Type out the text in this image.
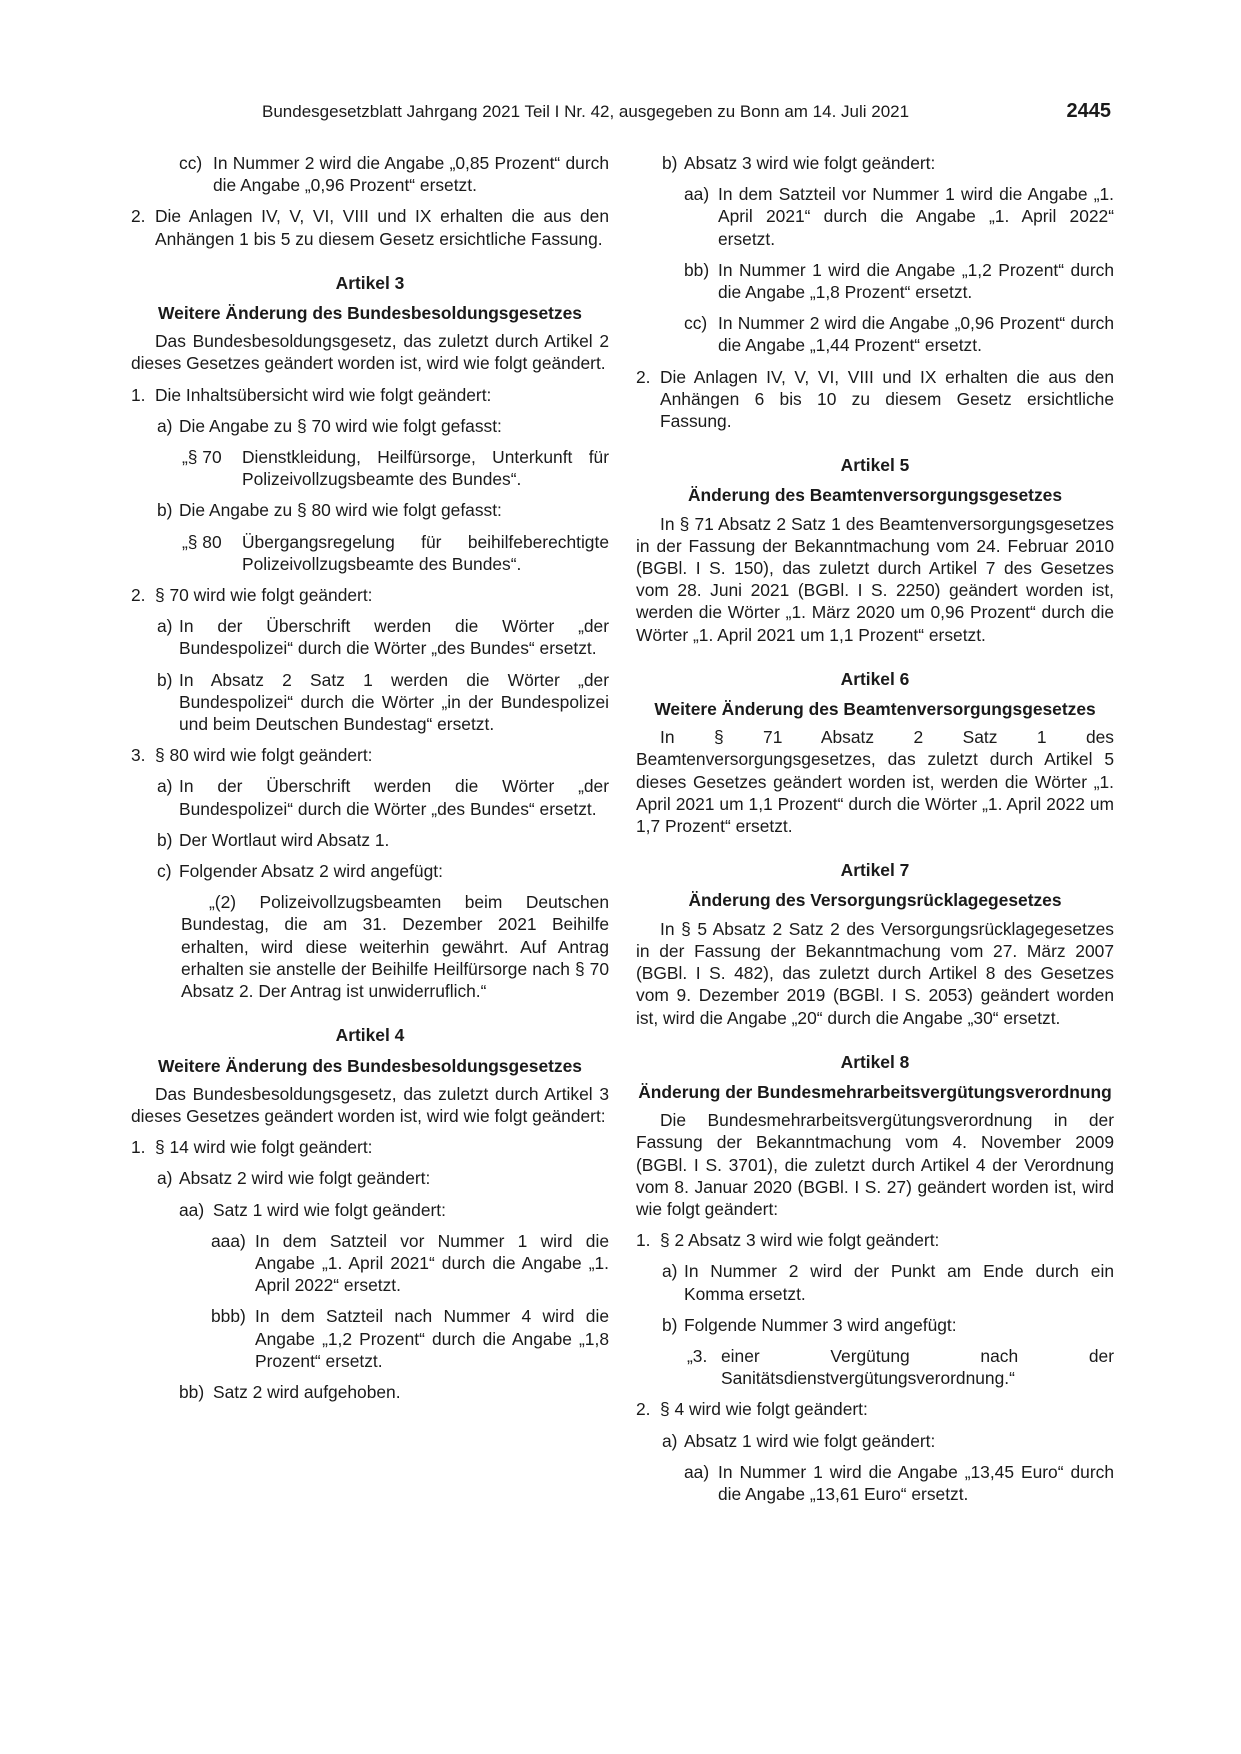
Bundesgesetzblatt Jahrgang 2021 Teil I Nr. 42, ausgegeben zu Bonn am 14. Juli 2021	2445
cc) In Nummer 2 wird die Angabe „0,85 Prozent“ durch die Angabe „0,96 Prozent“ ersetzt.
2. Die Anlagen IV, V, VI, VIII und IX erhalten die aus den Anhängen 1 bis 5 zu diesem Gesetz ersichtliche Fassung.
Artikel 3
Weitere Änderung des Bundesbesoldungsgesetzes
Das Bundesbesoldungsgesetz, das zuletzt durch Artikel 2 dieses Gesetzes geändert worden ist, wird wie folgt geändert.
1. Die Inhaltsübersicht wird wie folgt geändert:
a) Die Angabe zu § 70 wird wie folgt gefasst:
„§ 70	Dienstkleidung, Heilfürsorge, Unterkunft für Polizeivollzugsbeamte des Bundes“.
b) Die Angabe zu § 80 wird wie folgt gefasst:
„§ 80	Übergangsregelung für beihilfeberechtigte Polizeivollzugsbeamte des Bundes“.
2. § 70 wird wie folgt geändert:
a) In der Überschrift werden die Wörter „der Bundespolizei“ durch die Wörter „des Bundes“ ersetzt.
b) In Absatz 2 Satz 1 werden die Wörter „der Bundespolizei“ durch die Wörter „in der Bundespolizei und beim Deutschen Bundestag“ ersetzt.
3. § 80 wird wie folgt geändert:
a) In der Überschrift werden die Wörter „der Bundespolizei“ durch die Wörter „des Bundes“ ersetzt.
b) Der Wortlaut wird Absatz 1.
c) Folgender Absatz 2 wird angefügt:
„(2) Polizeivollzugsbeamten beim Deutschen Bundestag, die am 31. Dezember 2021 Beihilfe erhalten, wird diese weiterhin gewährt. Auf Antrag erhalten sie anstelle der Beihilfe Heilfürsorge nach § 70 Absatz 2. Der Antrag ist unwiderruflich.“
Artikel 4
Weitere Änderung des Bundesbesoldungsgesetzes
Das Bundesbesoldungsgesetz, das zuletzt durch Artikel 3 dieses Gesetzes geändert worden ist, wird wie folgt geändert:
1. § 14 wird wie folgt geändert:
a) Absatz 2 wird wie folgt geändert:
aa) Satz 1 wird wie folgt geändert:
aaa) In dem Satzteil vor Nummer 1 wird die Angabe „1. April 2021“ durch die Angabe „1. April 2022“ ersetzt.
bbb) In dem Satzteil nach Nummer 4 wird die Angabe „1,2 Prozent“ durch die Angabe „1,8 Prozent“ ersetzt.
bb) Satz 2 wird aufgehoben.
b) Absatz 3 wird wie folgt geändert:
aa) In dem Satzteil vor Nummer 1 wird die Angabe „1. April 2021“ durch die Angabe „1. April 2022“ ersetzt.
bb) In Nummer 1 wird die Angabe „1,2 Prozent“ durch die Angabe „1,8 Prozent“ ersetzt.
cc) In Nummer 2 wird die Angabe „0,96 Prozent“ durch die Angabe „1,44 Prozent“ ersetzt.
2. Die Anlagen IV, V, VI, VIII und IX erhalten die aus den Anhängen 6 bis 10 zu diesem Gesetz ersichtliche Fassung.
Artikel 5
Änderung des Beamtenversorgungsgesetzes
In § 71 Absatz 2 Satz 1 des Beamtenversorgungsgesetzes in der Fassung der Bekanntmachung vom 24. Februar 2010 (BGBl. I S. 150), das zuletzt durch Artikel 7 des Gesetzes vom 28. Juni 2021 (BGBl. I S. 2250) geändert worden ist, werden die Wörter „1. März 2020 um 0,96 Prozent“ durch die Wörter „1. April 2021 um 1,1 Prozent“ ersetzt.
Artikel 6
Weitere Änderung des Beamtenversorgungsgesetzes
In § 71 Absatz 2 Satz 1 des Beamtenversorgungsgesetzes, das zuletzt durch Artikel 5 dieses Gesetzes geändert worden ist, werden die Wörter „1. April 2021 um 1,1 Prozent“ durch die Wörter „1. April 2022 um 1,7 Prozent“ ersetzt.
Artikel 7
Änderung des Versorgungsrücklagegesetzes
In § 5 Absatz 2 Satz 2 des Versorgungsrücklagegesetzes in der Fassung der Bekanntmachung vom 27. März 2007 (BGBl. I S. 482), das zuletzt durch Artikel 8 des Gesetzes vom 9. Dezember 2019 (BGBl. I S. 2053) geändert worden ist, wird die Angabe „20“ durch die Angabe „30“ ersetzt.
Artikel 8
Änderung der Bundesmehrarbeitsvergütungsverordnung
Die Bundesmehrarbeitsvergütungsverordnung in der Fassung der Bekanntmachung vom 4. November 2009 (BGBl. I S. 3701), die zuletzt durch Artikel 4 der Verordnung vom 8. Januar 2020 (BGBl. I S. 27) geändert worden ist, wird wie folgt geändert:
1. § 2 Absatz 3 wird wie folgt geändert:
a) In Nummer 2 wird der Punkt am Ende durch ein Komma ersetzt.
b) Folgende Nummer 3 wird angefügt:
„3. einer Vergütung nach der Sanitätsdienstvergütungsverordnung.“
2. § 4 wird wie folgt geändert:
a) Absatz 1 wird wie folgt geändert:
aa) In Nummer 1 wird die Angabe „13,45 Euro“ durch die Angabe „13,61 Euro“ ersetzt.
